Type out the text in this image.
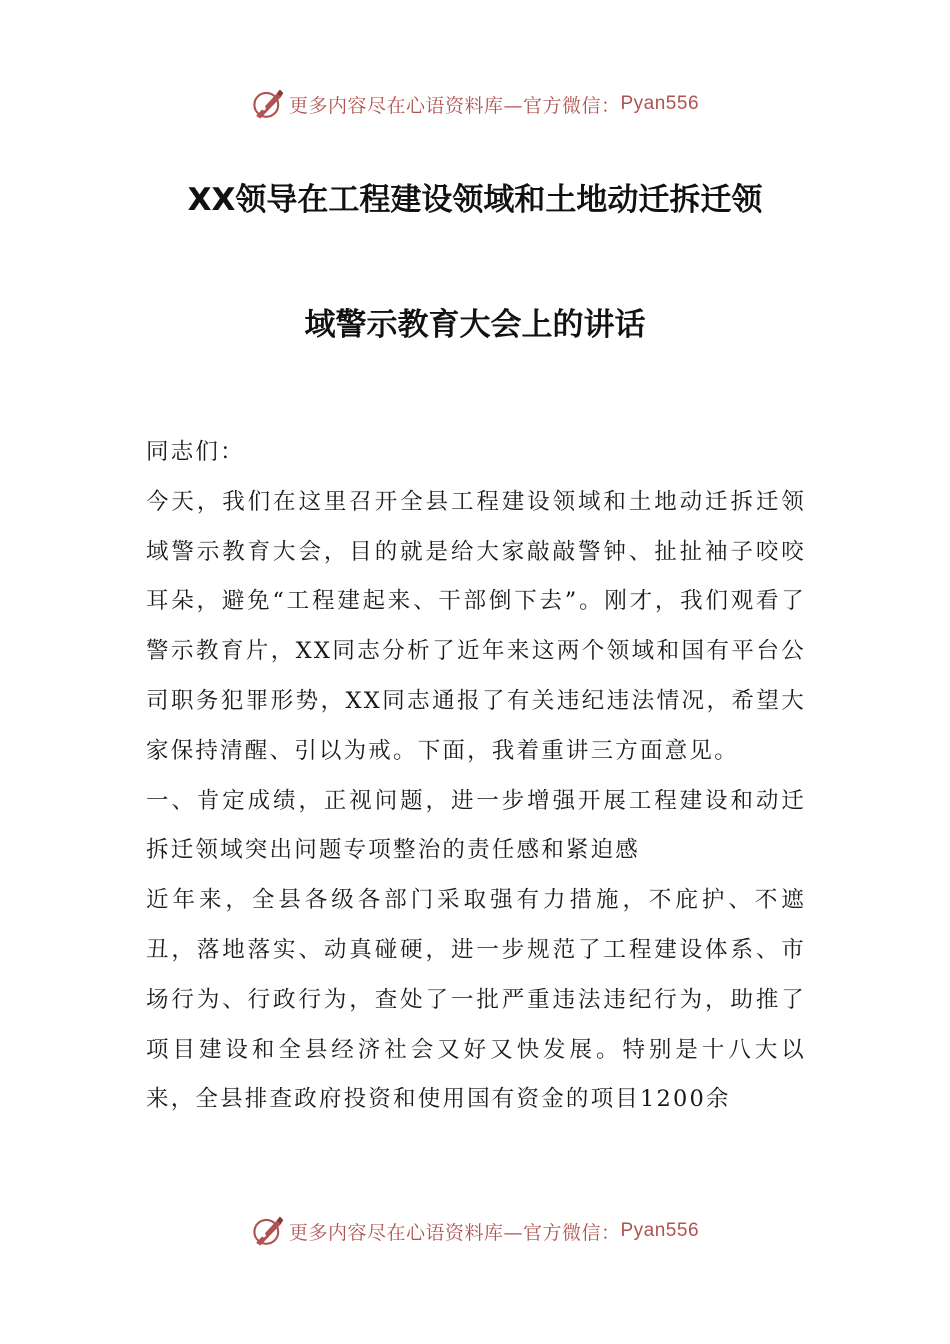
更多内容尽在心语资料库—官方微信： Pyan556
XX领导在工程建设领域和土地动迁拆迁领
域警示教育大会上的讲话

同志们：

今天，我们在这里召开全县工程建设领域和土地动迁拆迁领域警示教育大会，目的就是给大家敲敲警钟、扯扯袖子咬咬耳朵，避免“工程建起来、干部倒下去”。刚才，我们观看了警示教育片，XX同志分析了近年来这两个领域和国有平台公司职务犯罪形势，XX同志通报了有关违纪违法情况，希望大家保持清醒、引以为戒。下面，我着重讲三方面意见。

一、肯定成绩，正视问题，进一步增强开展工程建设和动迁拆迁领域突出问题专项整治的责任感和紧迫感

近年来，全县各级各部门采取强有力措施，不庇护、不遮丑，落地落实、动真碰硬，进一步规范了工程建设体系、市场行为、行政行为，查处了一批严重违法违纪行为，助推了项目建设和全县经济社会又好又快发展。特别是十八大以来，全县排查政府投资和使用国有资金的项目1200余

更多内容尽在心语资料库—官方微信： Pyan556
